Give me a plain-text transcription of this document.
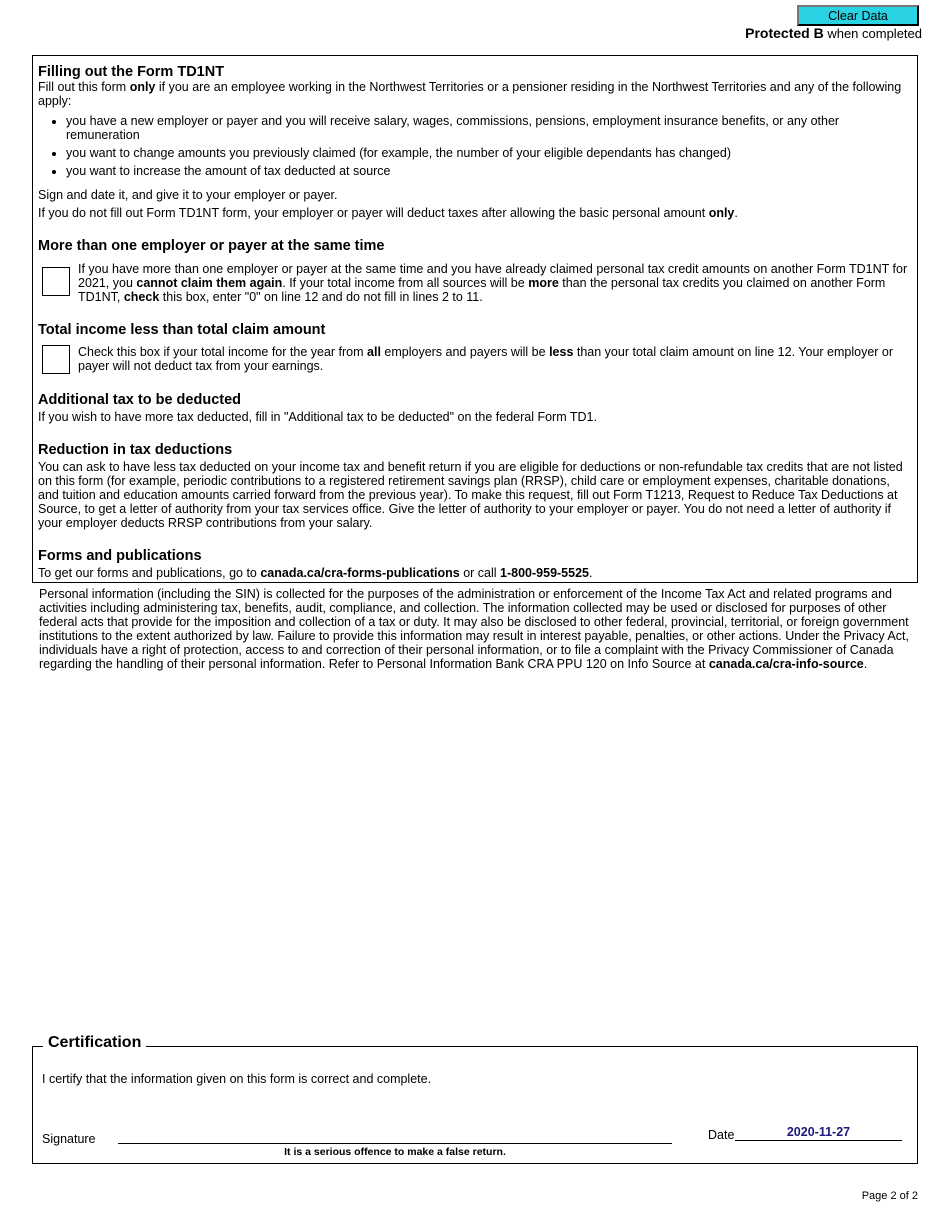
Clear Data
Protected B when completed
Filling out the Form TD1NT

Fill out this form only if you are an employee working in the Northwest Territories or a pensioner residing in the Northwest Territories and any of the following apply:

• you have a new employer or payer and you will receive salary, wages, commissions, pensions, employment insurance benefits, or any other remuneration
• you want to change amounts you previously claimed (for example, the number of your eligible dependants has changed)
• you want to increase the amount of tax deducted at source

Sign and date it, and give it to your employer or payer.

If you do not fill out Form TD1NT form, your employer or payer will deduct taxes after allowing the basic personal amount only.

More than one employer or payer at the same time
If you have more than one employer or payer at the same time and you have already claimed personal tax credit amounts on another Form TD1NT for 2021, you cannot claim them again. If your total income from all sources will be more than the personal tax credits you claimed on another Form TD1NT, check this box, enter "0" on line 12 and do not fill in lines 2 to 11.
Total income less than total claim amount
Check this box if your total income for the year from all employers and payers will be less than your total claim amount on line 12. Your employer or payer will not deduct tax from your earnings.
Additional tax to be deducted

If you wish to have more tax deducted, fill in "Additional tax to be deducted" on the federal Form TD1.

Reduction in tax deductions

You can ask to have less tax deducted on your income tax and benefit return if you are eligible for deductions or non-refundable tax credits that are not listed on this form (for example, periodic contributions to a registered retirement savings plan (RRSP), child care or employment expenses, charitable donations, and tuition and education amounts carried forward from the previous year). To make this request, fill out Form T1213, Request to Reduce Tax Deductions at Source, to get a letter of authority from your tax services office. Give the letter of authority to your employer or payer. You do not need a letter of authority if your employer deducts RRSP contributions from your salary.

Forms and publications

To get our forms and publications, go to canada.ca/cra-forms-publications or call 1-800-959-5525.

Personal information (including the SIN) is collected for the purposes of the administration or enforcement of the Income Tax Act and related programs and activities including administering tax, benefits, audit, compliance, and collection. The information collected may be used or disclosed for purposes of other federal acts that provide for the imposition and collection of a tax or duty. It may also be disclosed to other federal, provincial, territorial, or foreign government institutions to the extent authorized by law. Failure to provide this information may result in interest payable, penalties, or other actions. Under the Privacy Act, individuals have a right of protection, access to and correction of their personal information, or to file a complaint with the Privacy Commissioner of Canada regarding the handling of their personal information. Refer to Personal Information Bank CRA PPU 120 on Info Source at canada.ca/cra-info-source.
Certification
I certify that the information given on this form is correct and complete.
Signature
It is a serious offence to make a false return.
Date
2020-11-27
Page 2 of 2
